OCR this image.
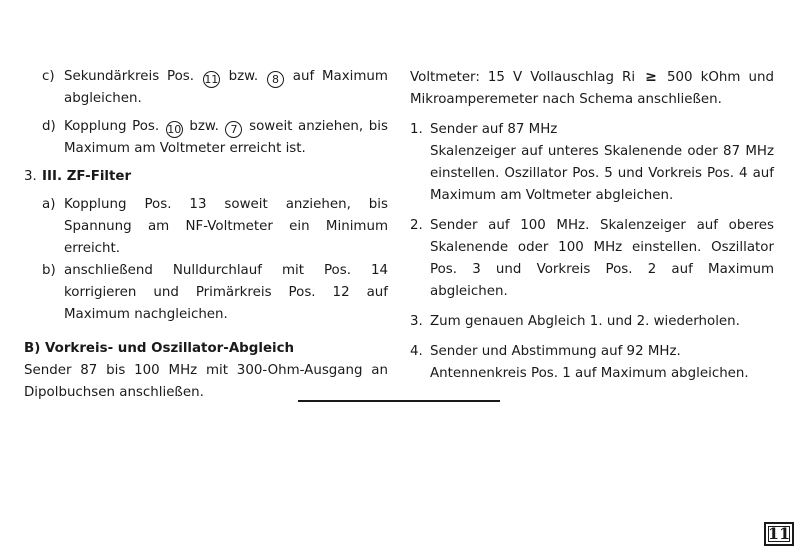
c) Sekundärkreis Pos. 11 bzw. 8 auf Maximum abgleichen.

d) Kopplung Pos. 10 bzw. 7 soweit anziehen, bis Maximum am Voltmeter erreicht ist.

3. III. ZF-Filter
a) Kopplung Pos. 13 soweit anziehen, bis Spannung am NF-Voltmeter ein Minimum erreicht.

b) anschließend Nulldurchlauf mit Pos. 14 korrigieren und Primärkreis Pos. 12 auf Maximum nachgleichen.

B) Vorkreis- und Oszillator-Abgleich

Sender 87 bis 100 MHz mit 300-Ohm-Ausgang an Dipolbuchsen anschließen.

Voltmeter: 15 V Vollauschlag Ri ≥ 500 kOhm und Mikroamperemeter nach Schema anschließen.

1. Sender auf 87 MHz

Skalenzeiger auf unteres Skalenende oder 87 MHz einstellen. Oszillator Pos. 5 und Vorkreis Pos. 4 auf Maximum am Voltmeter abgleichen.

2. Sender auf 100 MHz. Skalenzeiger auf oberes Skalenende oder 100 MHz einstellen. Oszillator Pos. 3 und Vorkreis Pos. 2 auf Maximum abgleichen.

3. Zum genauen Abgleich 1. und 2. wiederholen.

4. Sender und Abstimmung auf 92 MHz.

Antennenkreis Pos. 1 auf Maximum abgleichen.

11
